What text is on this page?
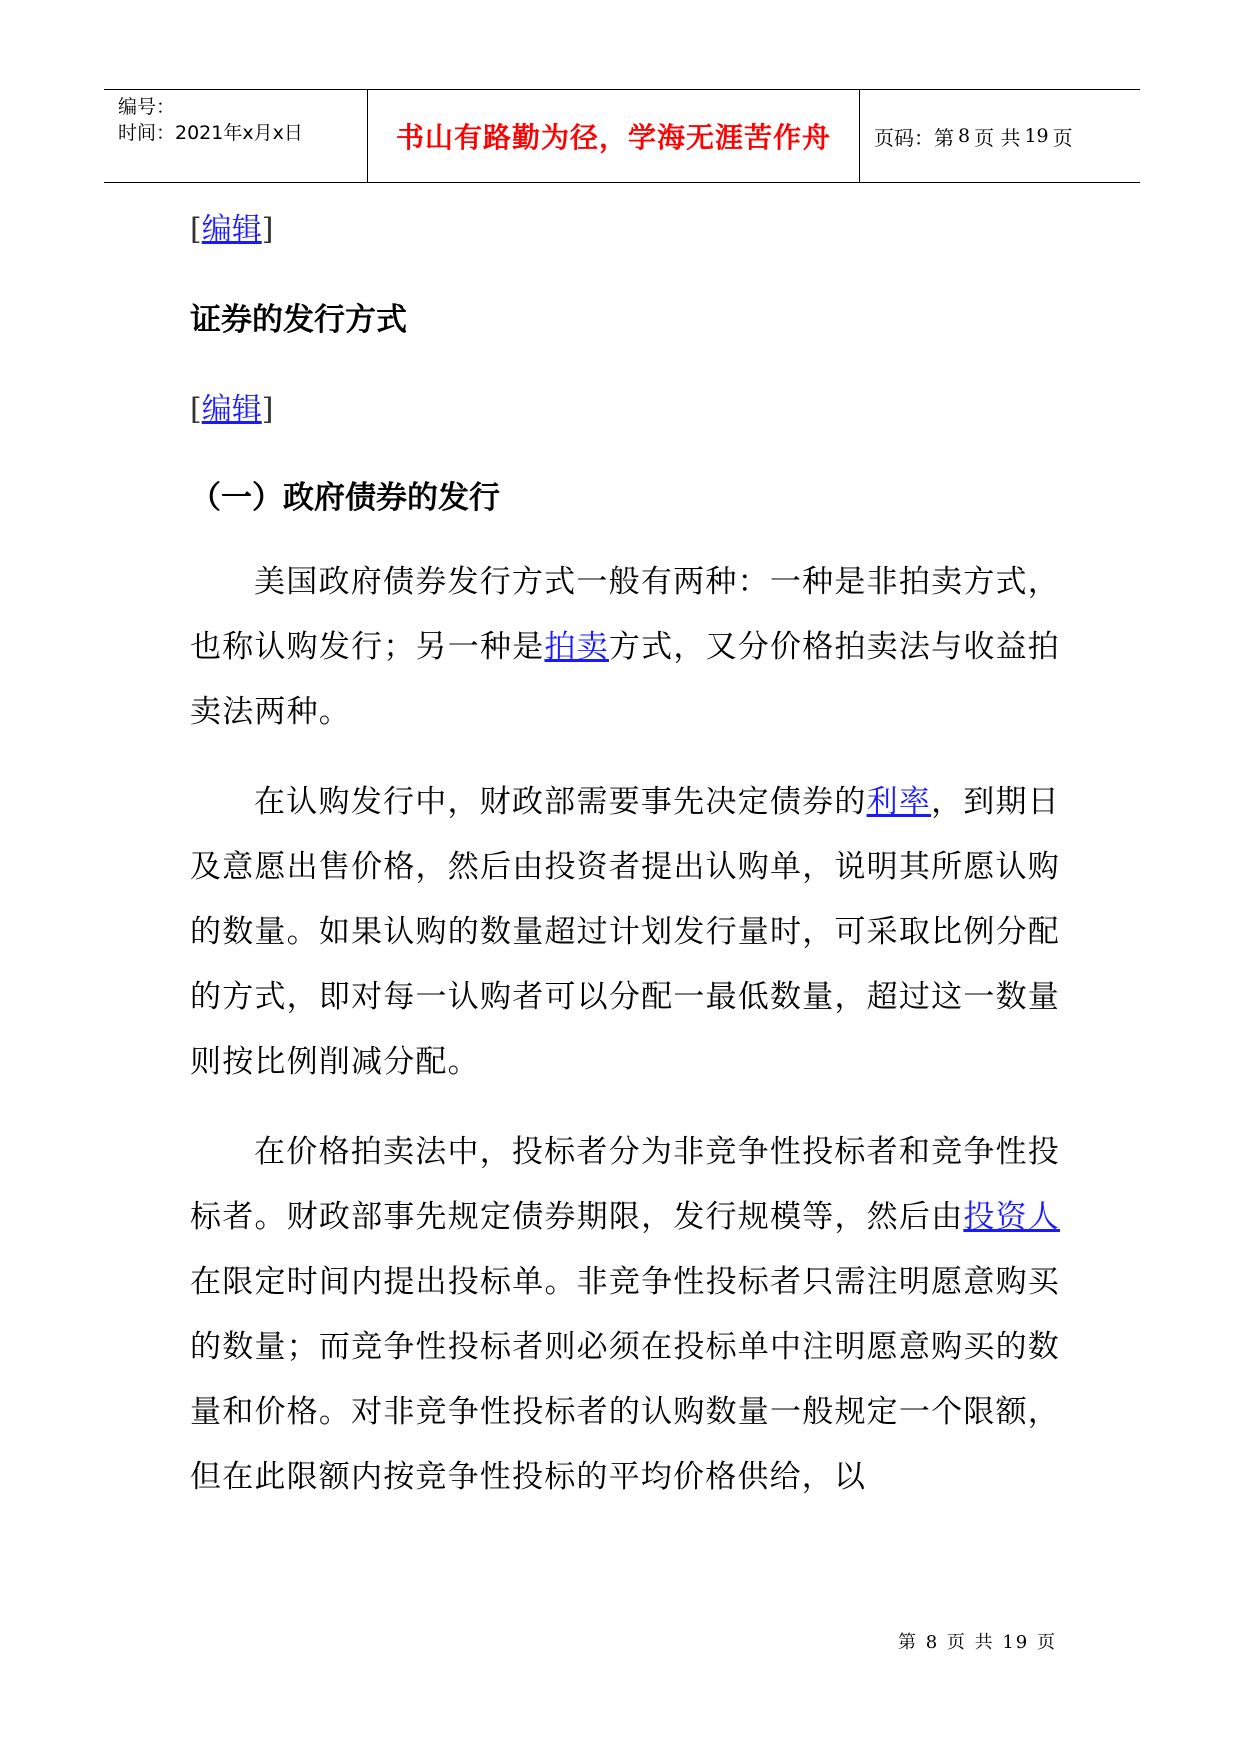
编号：
时间：2021年x月x日	书山有路勤为径，学海无涯苦作舟	页码：第 8 页 共 19 页
[编辑]
证券的发行方式
[编辑]
（一）政府债券的发行

美国政府债券发行方式一般有两种：一种是非拍卖方式，也称认购发行；另一种是拍卖方式，又分价格拍卖法与收益拍卖法两种。

在认购发行中，财政部需要事先决定债券的利率，到期日及意愿出售价格，然后由投资者提出认购单，说明其所愿认购的数量。如果认购的数量超过计划发行量时，可采取比例分配的方式，即对每一认购者可以分配一最低数量，超过这一数量则按比例削减分配。

在价格拍卖法中，投标者分为非竞争性投标者和竞争性投标者。财政部事先规定债券期限，发行规模等，然后由投资人在限定时间内提出投标单。非竞争性投标者只需注明愿意购买的数量；而竞争性投标者则必须在投标单中注明愿意购买的数量和价格。对非竞争性投标者的认购数量一般规定一个限额，但在此限额内按竞争性投标的平均价格供给，以

第 8 页 共 19 页
